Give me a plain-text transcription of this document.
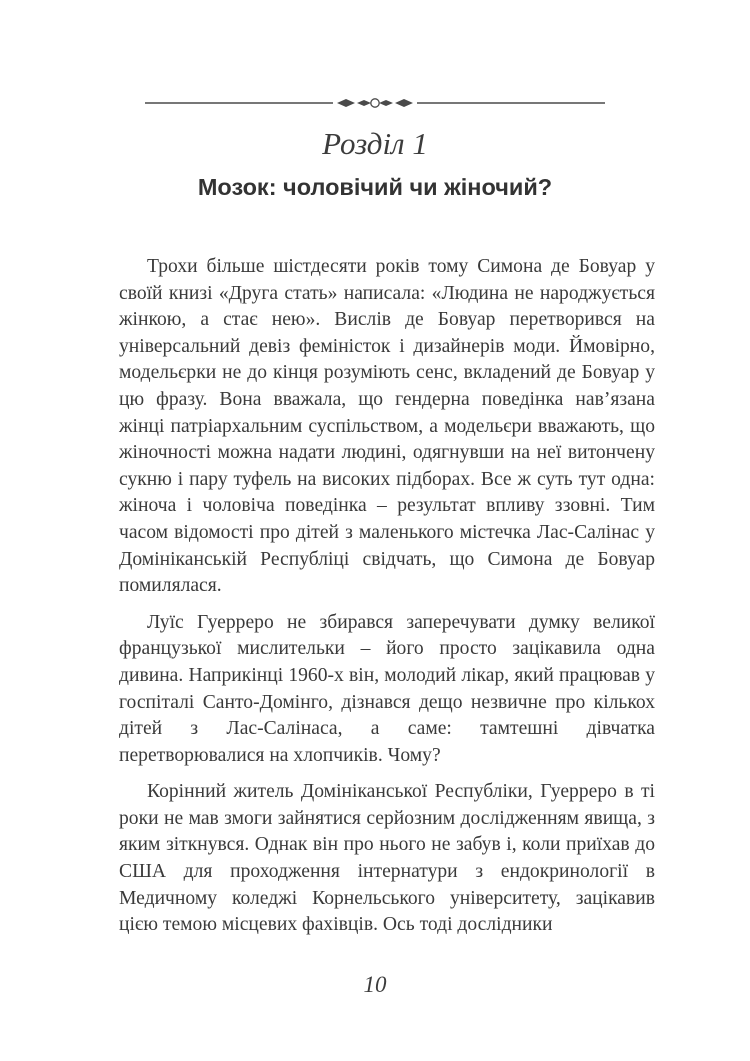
Розділ 1
Мозок: чоловічий чи жіночий?

Трохи більше шістдесяти років тому Симона де Бовуар у своїй книзі «Друга стать» написала: «Людина не народжується жінкою, а стає нею». Вислів де Бовуар перетворився на універсальний девіз феміністок і дизайнерів моди. Ймовірно, модельєрки не до кінця розуміють сенс, вкладений де Бовуар у цю фразу. Вона вважала, що гендерна поведінка нав’язана жінці патріархальним суспільством, а модельєри вважають, що жіночності можна надати людині, одягнувши на неї витончену сукню і пару туфель на високих підборах. Все ж суть тут одна: жіноча і чоловіча поведінка – результат впливу ззовні. Тим часом відомості про дітей з маленького містечка Лас-Салінас у Домініканській Республіці свідчать, що Симона де Бовуар помилялася.

Луїс Гуерреро не збирався заперечувати думку великої французької мислительки – його просто зацікавила одна дивина. Наприкінці 1960-х він, молодий лікар, який працював у госпіталі Санто-Домінго, дізнався дещо незвичне про кількох дітей з Лас-Салінаса, а саме: тамтешні дівчатка перетворювалися на хлопчиків. Чому?

Корінний житель Домініканської Республіки, Гуерреро в ті роки не мав змоги зайнятися серйозним дослідженням явища, з яким зіткнувся. Однак він про нього не забув і, коли приїхав до США для проходження інтернатури з ендокринології в Медичному коледжі Корнельського університету, зацікавив цією темою місцевих фахівців. Ось тоді дослідники

10
